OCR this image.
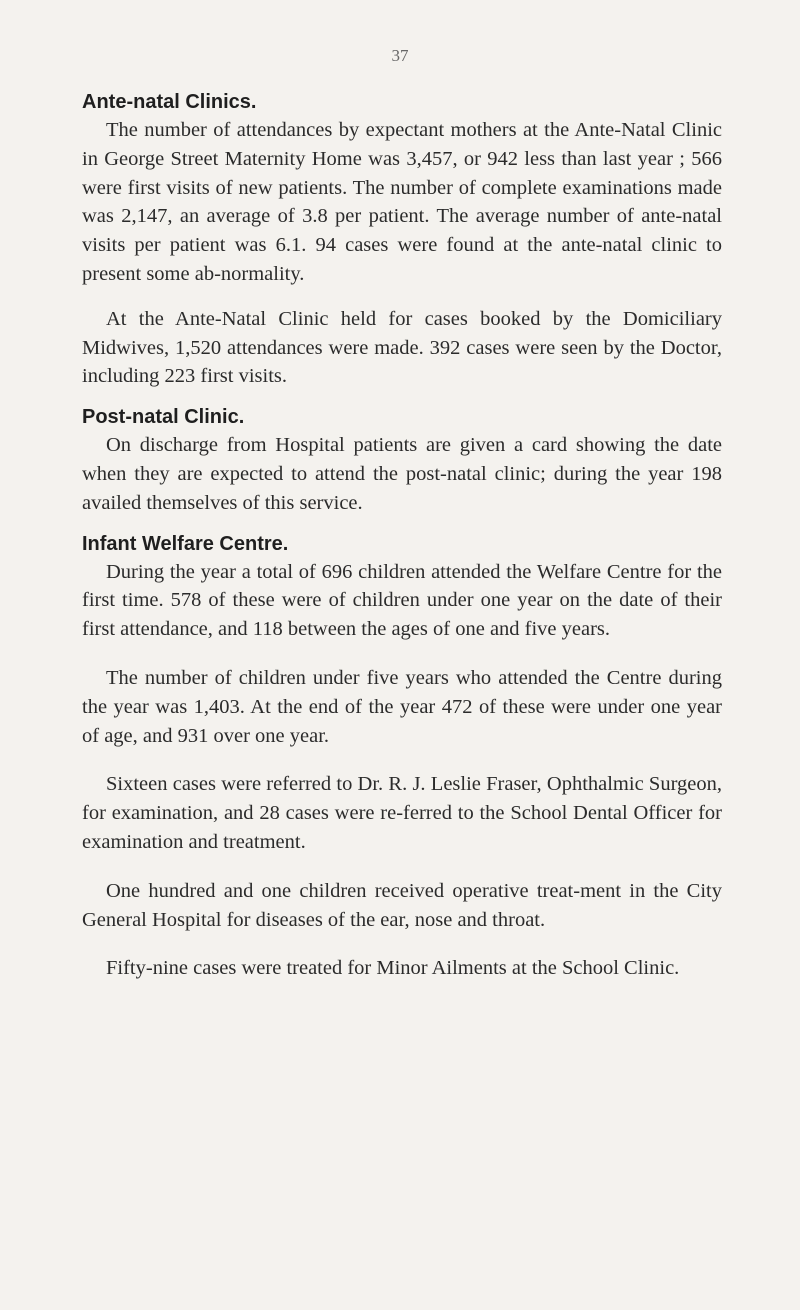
37

Ante-natal Clinics.

The number of attendances by expectant mothers at the Ante-Natal Clinic in George Street Maternity Home was 3,457, or 942 less than last year ; 566 were first visits of new patients. The number of complete examinations made was 2,147, an average of 3.8 per patient. The average number of ante-natal visits per patient was 6.1. 94 cases were found at the ante-natal clinic to present some ab-normality.

At the Ante-Natal Clinic held for cases booked by the Domiciliary Midwives, 1,520 attendances were made. 392 cases were seen by the Doctor, including 223 first visits.

Post-natal Clinic.

On discharge from Hospital patients are given a card showing the date when they are expected to attend the post-natal clinic; during the year 198 availed themselves of this service.

Infant Welfare Centre.

During the year a total of 696 children attended the Welfare Centre for the first time. 578 of these were of children under one year on the date of their first attendance, and 118 between the ages of one and five years.

The number of children under five years who attended the Centre during the year was 1,403. At the end of the year 472 of these were under one year of age, and 931 over one year.

Sixteen cases were referred to Dr. R. J. Leslie Fraser, Ophthalmic Surgeon, for examination, and 28 cases were re-ferred to the School Dental Officer for examination and treatment.

One hundred and one children received operative treat-ment in the City General Hospital for diseases of the ear, nose and throat.

Fifty-nine cases were treated for Minor Ailments at the School Clinic.
